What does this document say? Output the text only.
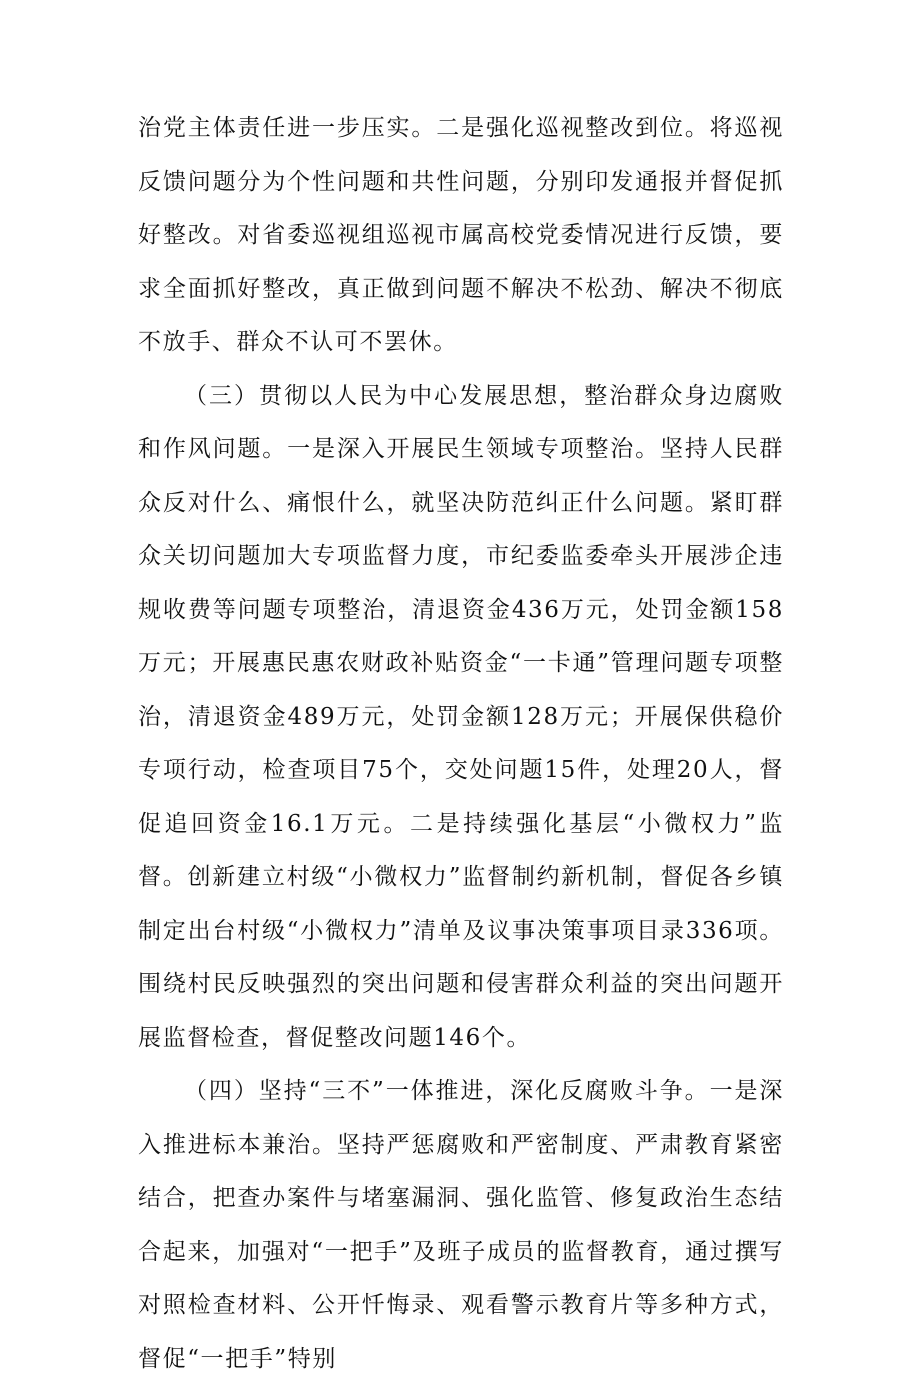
治党主体责任进一步压实。二是强化巡视整改到位。将巡视反馈问题分为个性问题和共性问题，分别印发通报并督促抓好整改。对省委巡视组巡视市属高校党委情况进行反馈，要求全面抓好整改，真正做到问题不解决不松劲、解决不彻底不放手、群众不认可不罢休。

（三）贯彻以人民为中心发展思想，整治群众身边腐败和作风问题。一是深入开展民生领域专项整治。坚持人民群众反对什么、痛恨什么，就坚决防范纠正什么问题。紧盯群众关切问题加大专项监督力度，市纪委监委牵头开展涉企违规收费等问题专项整治，清退资金436万元，处罚金额158万元；开展惠民惠农财政补贴资金“一卡通”管理问题专项整治，清退资金489万元，处罚金额128万元；开展保供稳价专项行动，检查项目75个，交处问题15件，处理20人，督促追回资金16.1万元。二是持续强化基层“小微权力”监督。创新建立村级“小微权力”监督制约新机制，督促各乡镇制定出台村级“小微权力”清单及议事决策事项目录336项。围绕村民反映强烈的突出问题和侵害群众利益的突出问题开展监督检查，督促整改问题146个。

（四）坚持“三不”一体推进，深化反腐败斗争。一是深入推进标本兼治。坚持严惩腐败和严密制度、严肃教育紧密结合，把查办案件与堵塞漏洞、强化监管、修复政治生态结合起来，加强对“一把手”及班子成员的监督教育，通过撰写对照检查材料、公开忏悔录、观看警示教育片等多种方式，督促“一把手”特别
